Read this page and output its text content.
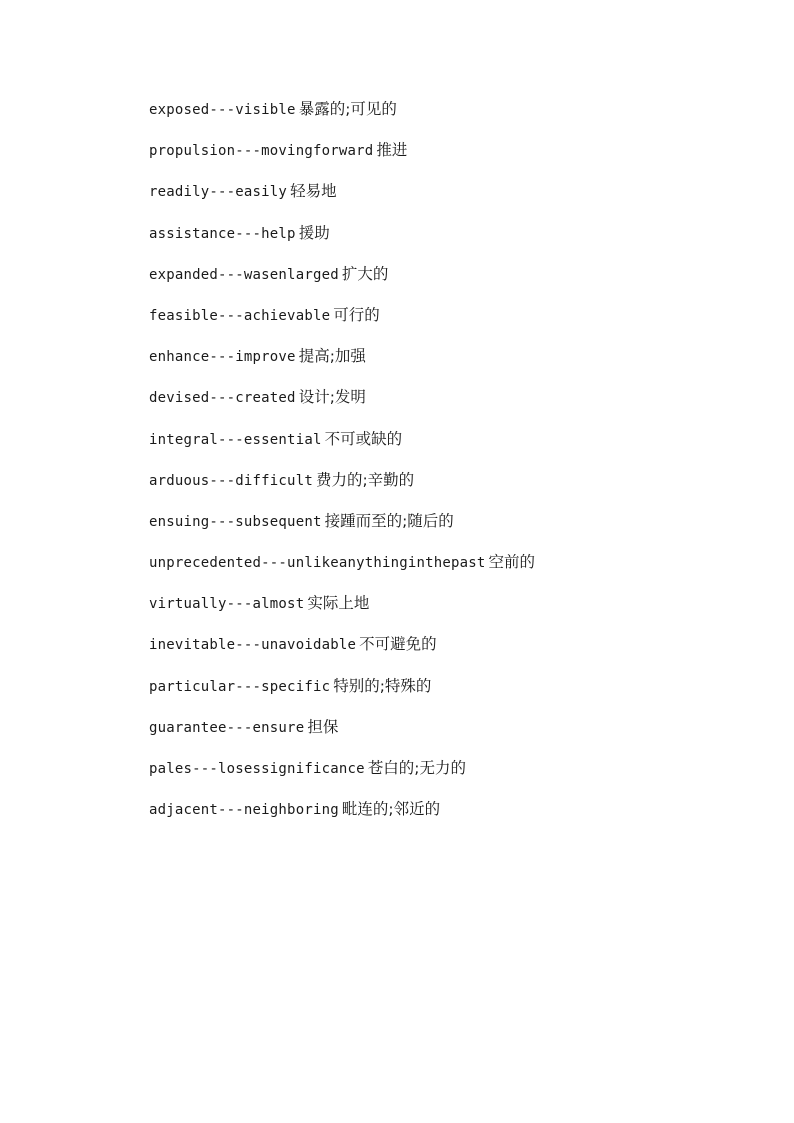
exposed---visible 暴露的;可见的
propulsion---movingforward 推进
readily---easily 轻易地
assistance---help 援助
expanded---wasenlarged 扩大的
feasible---achievable 可行的
enhance---improve 提高;加强
devised---created 设计;发明
integral---essential 不可或缺的
arduous---difficult 费力的;辛勤的
ensuing---subsequent 接踵而至的;随后的
unprecedented---unlikeanythinginthepast 空前的
virtually---almost 实际上地
inevitable---unavoidable 不可避免的
particular---specific 特别的;特殊的
guarantee---ensure 担保
pales---losessignificance 苍白的;无力的
adjacent---neighboring 毗连的;邻近的
